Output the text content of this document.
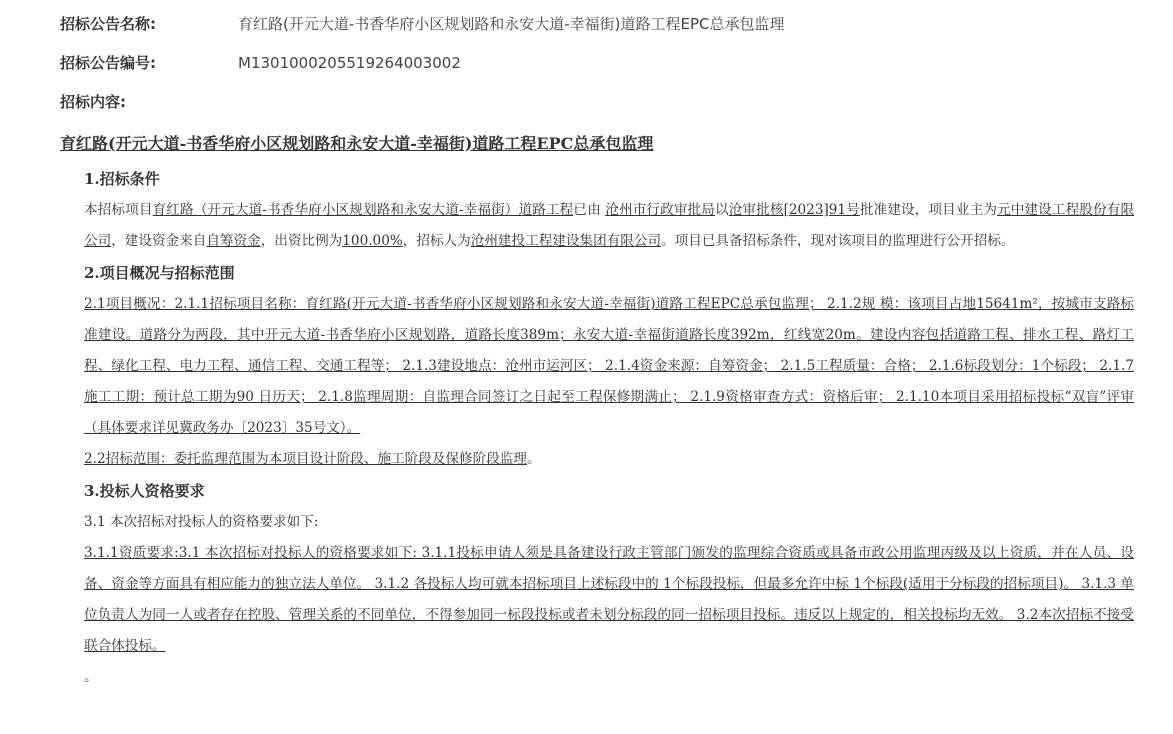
招标公告名称:	育红路(开元大道-书香华府小区规划路和永安大道-幸福街)道路工程EPC总承包监理
招标公告编号:	M1301000205519264003002
招标内容:
育红路(开元大道-书香华府小区规划路和永安大道-幸福街)道路工程EPC总承包监理

1.招标条件

本招标项目育红路（开元大道-书香华府小区规划路和永安大道-幸福街）道路工程已由 沧州市行政审批局以沧审批核[2023]91号批准建设，项目业主为元中建设工程股份有限公司，建设资金来自自筹资金，出资比例为100.00%，招标人为沧州建投工程建设集团有限公司。项目已具备招标条件，现对该项目的监理进行公开招标。

2.项目概况与招标范围

2.1项目概况：2.1.1招标项目名称：育红路(开元大道-书香华府小区规划路和永安大道-幸福街)道路工程EPC总承包监理； 2.1.2规 模：该项目占地15641m²，按城市支路标准建设。道路分为两段，其中开元大道-书香华府小区规划路，道路长度389m；永安大道-幸福街道路长度392m，红线宽20m。建设内容包括道路工程、排水工程、路灯工程、绿化工程、电力工程、通信工程、交通工程等； 2.1.3建设地点：沧州市运河区； 2.1.4资金来源：自筹资金； 2.1.5工程质量：合格； 2.1.6标段划分：1个标段； 2.1.7施工工期：预计总工期为90 日历天； 2.1.8监理周期：自监理合同签订之日起至工程保修期满止； 2.1.9资格审查方式：资格后审； 2.1.10本项目采用招标投标“双盲”评审（具体要求详见冀政务办〔2023〕35号文）。

2.2招标范围：委托监理范围为本项目设计阶段、施工阶段及保修阶段监理。

3.投标人资格要求

3.1 本次招标对投标人的资格要求如下:

3.1.1资质要求:3.1 本次招标对投标人的资格要求如下: 3.1.1投标申请人须是具备建设行政主管部门颁发的监理综合资质或具备市政公用监理丙级及以上资质，并在人员、设备、资金等方面具有相应能力的独立法人单位。 3.1.2 各投标人均可就本招标项目上述标段中的 1个标段投标，但最多允许中标 1个标段(适用于分标段的招标项目)。 3.1.3 单位负责人为同一人或者存在控股、管理关系的不同单位，不得参加同一标段投标或者未划分标段的同一招标项目投标。违反以上规定的，相关投标均无效。 3.2本次招标不接受联合体投标。

。
